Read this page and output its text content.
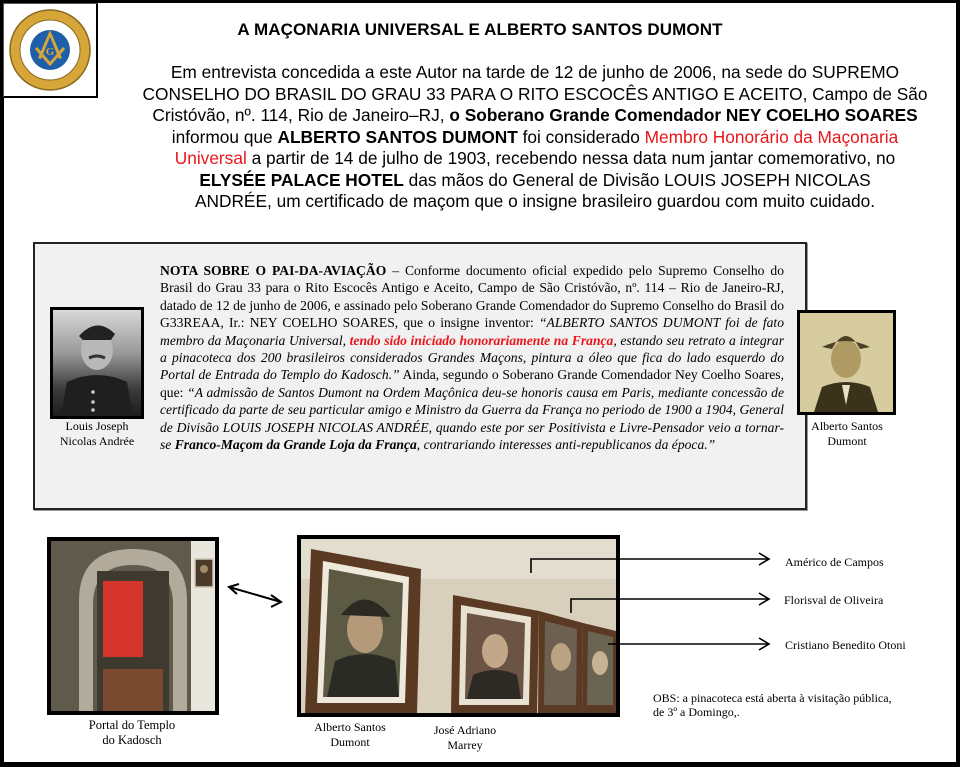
G
A MAÇONARIA UNIVERSAL E ALBERTO SANTOS DUMONT
Em entrevista concedida a este Autor na tarde de 12 de junho de 2006, na sede do SUPREMO
CONSELHO DO BRASIL DO GRAU 33 PARA O RITO ESCOCÊS ANTIGO E ACEITO, Campo de São
Cristóvão, nº. 114, Rio de Janeiro–RJ, o Soberano Grande Comendador NEY COELHO SOARES
informou que ALBERTO SANTOS DUMONT foi considerado Membro Honorário da Maçonaria
Universal a partir de 14 de julho de 1903, recebendo nessa data num jantar comemorativo, no
ELYSÉE PALACE HOTEL das mãos do General de Divisão LOUIS JOSEPH NICOLAS
ANDRÉE, um certificado de maçom que o insigne brasileiro guardou com muito cuidado.
Louis Joseph
Nicolas Andrée
Alberto Santos
Dumont
NOTA SOBRE O PAI-DA-AVIAÇÃO – Conforme documento oficial expedido pelo Supremo Conselho do Brasil do Grau 33 para o Rito Escocês Antigo e Aceito, Campo de São Cristóvão, nº. 114 – Rio de Janeiro-RJ, datado de 12 de junho de 2006, e assinado pelo Soberano Grande Comendador do Supremo Conselho do Brasil do G33REAA, Ir.: NEY COELHO SOARES, que o insigne inventor: “ALBERTO SANTOS DUMONT foi de fato membro da Maçonaria Universal, tendo sido iniciado honorariamente na França, estando seu retrato a integrar a pinacoteca dos 200 brasileiros considerados Grandes Maçons, pintura a óleo que fica do lado esquerdo do Portal de Entrada do Templo do Kadosch.” Ainda, segundo o Soberano Grande Comendador Ney Coelho Soares, que: “A admissão de Santos Dumont na Ordem Maçônica deu-se honoris causa em Paris, mediante concessão de certificado da parte de seu particular amigo e Ministro da Guerra da França no periodo de 1900 a 1904, General de Divisão LOUIS JOSEPH NICOLAS ANDRÉE, quando este por ser Positivista e Livre-Pensador veio a tornar-se Franco-Maçom da Grande Loja da França, contrariando interesses anti-republicanos da época.”
Portal do Templo
do Kadosch
Américo de Campos
Florisval de Oliveira
Cristiano Benedito Otoni
Alberto Santos
Dumont
José Adriano
Marrey
OBS: a pinacoteca está aberta à visitação pública,
de 3º a Domingo,.
